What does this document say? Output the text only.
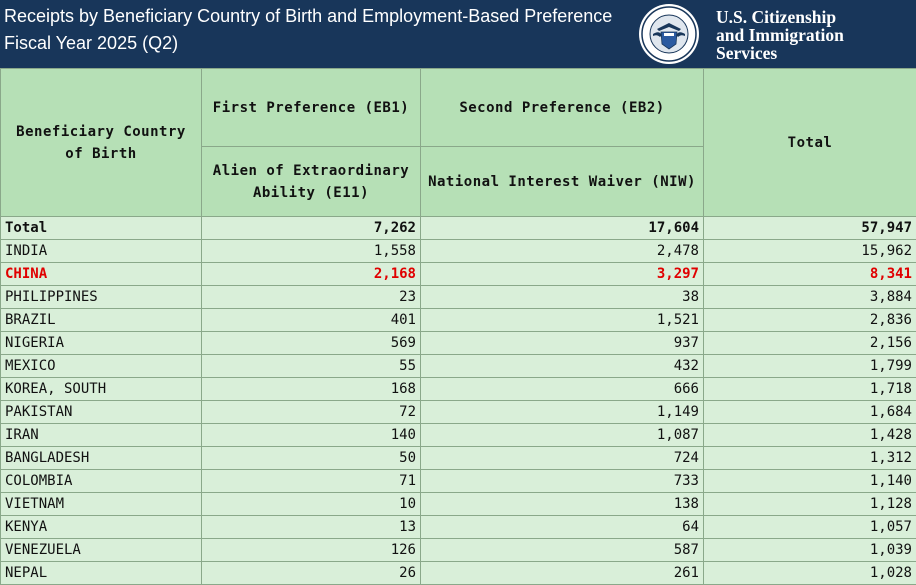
Receipts by Beneficiary Country of Birth and Employment-Based Preference
Fiscal Year 2025 (Q2)
U.S. Citizenship
and Immigration
Services
Beneficiary Country of Birth	First Preference (EB1)	Second Preference (EB2)	Total
	Alien of Extraordinary Ability (E11)	National Interest Waiver (NIW)	
Total	7,262	17,604	57,947
INDIA	1,558	2,478	15,962
CHINA	2,168	3,297	8,341
PHILIPPINES	23	38	3,884
BRAZIL	401	1,521	2,836
NIGERIA	569	937	2,156
MEXICO	55	432	1,799
KOREA, SOUTH	168	666	1,718
PAKISTAN	72	1,149	1,684
IRAN	140	1,087	1,428
BANGLADESH	50	724	1,312
COLOMBIA	71	733	1,140
VIETNAM	10	138	1,128
KENYA	13	64	1,057
VENEZUELA	126	587	1,039
NEPAL	26	261	1,028
